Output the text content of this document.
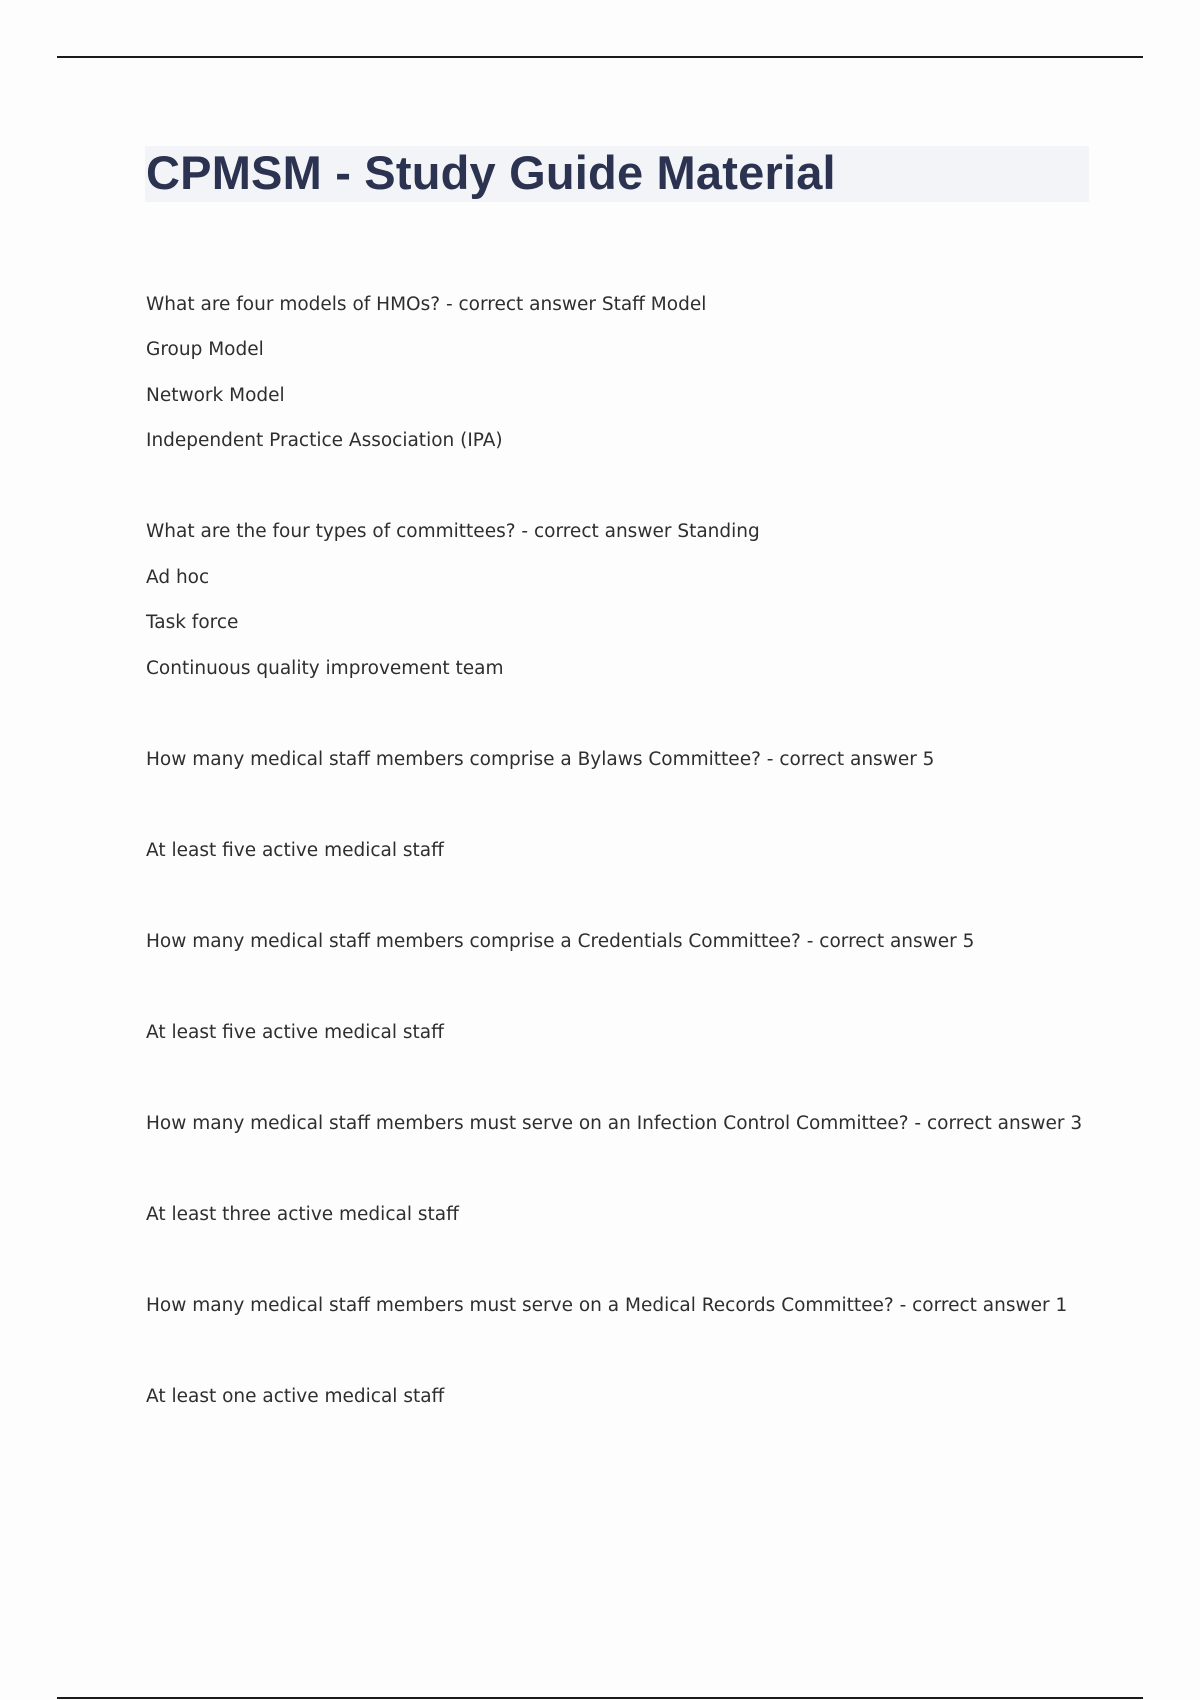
CPMSM - Study Guide Material

What are four models of HMOs? - correct answer Staff Model

Group Model

Network Model

Independent Practice Association (IPA)

What are the four types of committees? - correct answer Standing

Ad hoc

Task force

Continuous quality improvement team

How many medical staff members comprise a Bylaws Committee? - correct answer 5

At least five active medical staff

How many medical staff members comprise a Credentials Committee? - correct answer 5

At least five active medical staff

How many medical staff members must serve on an Infection Control Committee? - correct answer 3

At least three active medical staff

How many medical staff members must serve on a Medical Records Committee? - correct answer 1

At least one active medical staff
